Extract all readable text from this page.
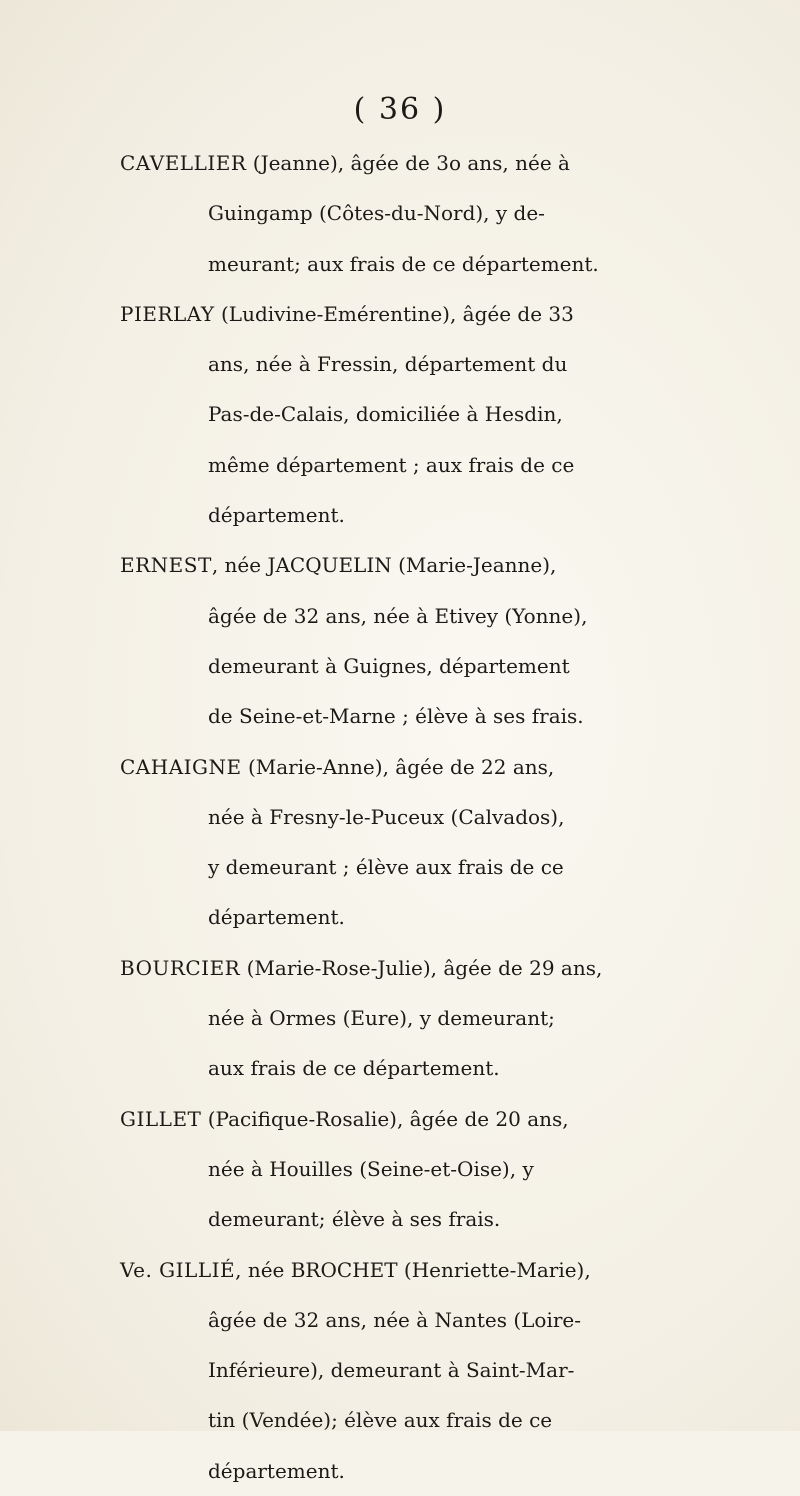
( 36 )
CAVELLIER (Jeanne), âgée de 3o ans, née à
Guingamp (Côtes-du-Nord), y de-
meurant; aux frais de ce département.
PIERLAY (Ludivine-Emérentine), âgée de 33
ans, née à Fressin, département du
Pas-de-Calais, domiciliée à Hesdin,
même département ; aux frais de ce
département.
ERNEST, née JACQUELIN (Marie-Jeanne),
âgée de 32 ans, née à Etivey (Yonne),
demeurant à Guignes, département
de Seine-et-Marne ; élève à ses frais.
CAHAIGNE (Marie-Anne), âgée de 22 ans,
née à Fresny-le-Puceux (Calvados),
y demeurant ; élève aux frais de ce
département.
BOURCIER (Marie-Rose-Julie), âgée de 29 ans,
née à Ormes (Eure), y demeurant;
aux frais de ce département.
GILLET (Pacifique-Rosalie), âgée de 20 ans,
née à Houilles (Seine-et-Oise), y
demeurant; élève à ses frais.
Ve. GILLIÉ, née BROCHET (Henriette-Marie),
âgée de 32 ans, née à Nantes (Loire-
Inférieure), demeurant à Saint-Mar-
tin (Vendée); élève aux frais de ce
département.
